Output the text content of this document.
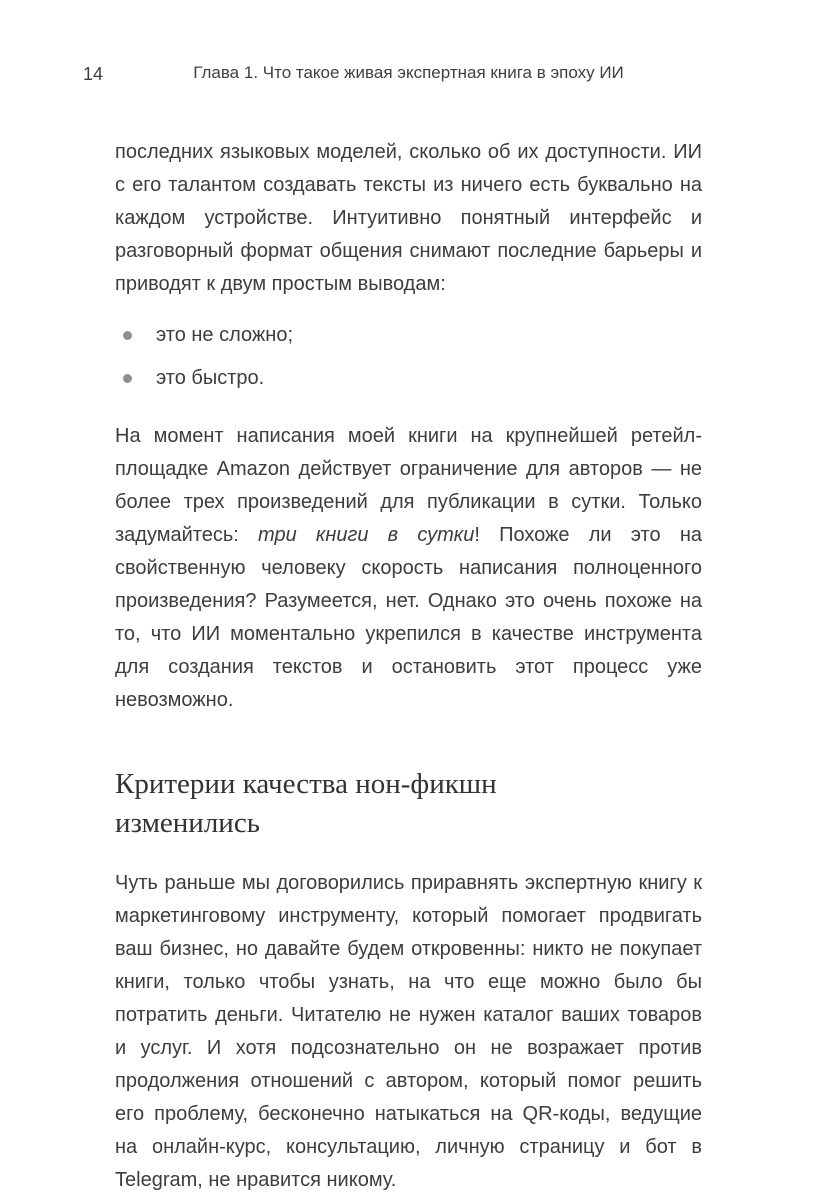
14	Глава 1. Что такое живая экспертная книга в эпоху ИИ

последних языковых моделей, сколько об их доступности. ИИ с его талантом создавать тексты из ничего есть буквально на каждом устройстве. Интуитивно понятный интерфейс и разговорный формат общения снимают последние барьеры и приводят к двум простым выводам:

это не сложно;
это быстро.

На момент написания моей книги на крупнейшей ретейл-площадке Amazon действует ограничение для авторов — не более трех произведений для публикации в сутки. Только задумайтесь: три книги в сутки! Похоже ли это на свойственную человеку скорость написания полноценного произведения? Разумеется, нет. Однако это очень похоже на то, что ИИ моментально укрепился в качестве инструмента для создания текстов и остановить этот процесс уже невозможно.

Критерии качества нон-фикшн изменились

Чуть раньше мы договорились приравнять экспертную книгу к маркетинговому инструменту, который помогает продвигать ваш бизнес, но давайте будем откровенны: никто не покупает книги, только чтобы узнать, на что еще можно было бы потратить деньги. Читателю не нужен каталог ваших товаров и услуг. И хотя подсознательно он не возражает против продолжения отношений с автором, который помог решить его проблему, бесконечно натыкаться на QR-коды, ведущие на онлайн-курс, консультацию, личную страницу и бот в Telegram, не нравится никому.
